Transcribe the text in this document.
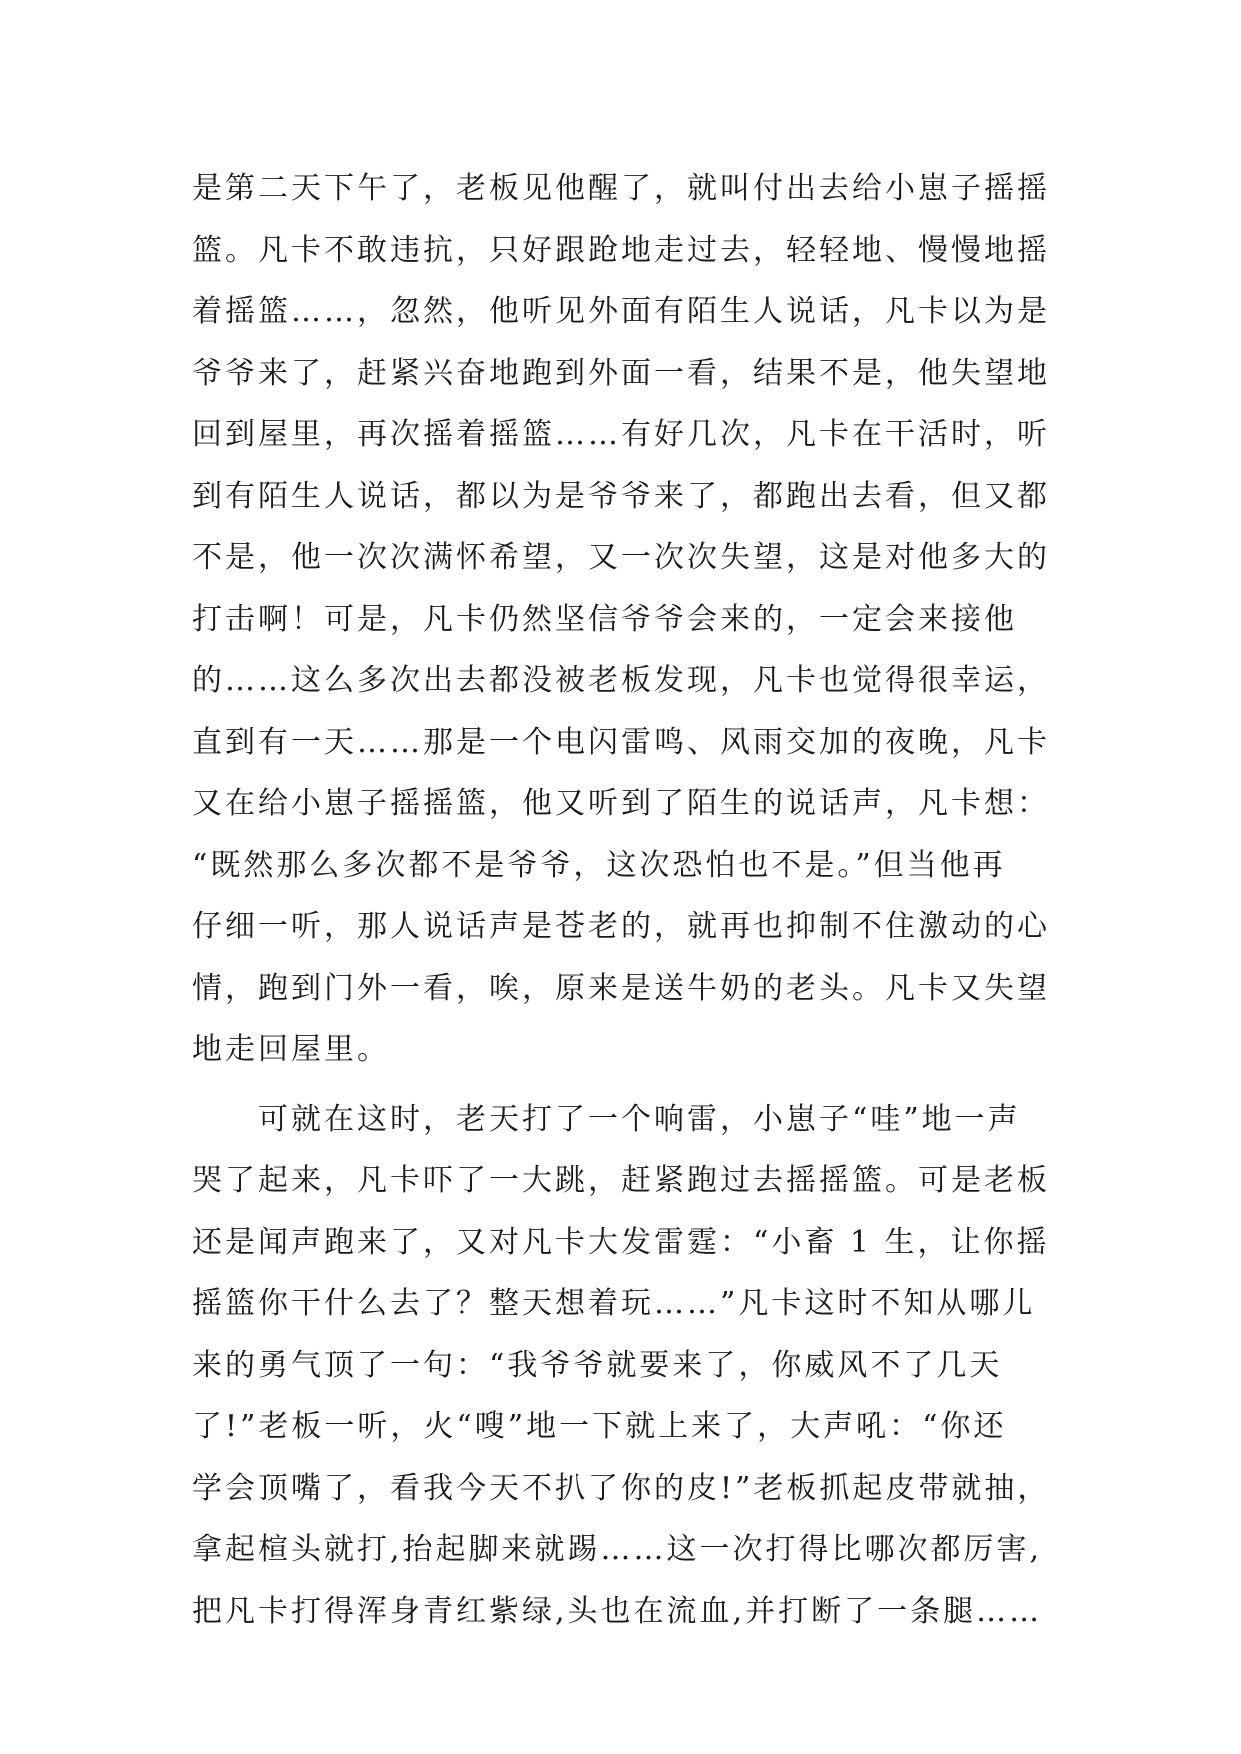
是第二天下午了，老板见他醒了，就叫付出去给小崽子摇摇
篮。凡卡不敢违抗，只好跟跄地走过去，轻轻地、慢慢地摇
着摇篮……，忽然，他听见外面有陌生人说话，凡卡以为是
爷爷来了，赶紧兴奋地跑到外面一看，结果不是，他失望地
回到屋里，再次摇着摇篮……有好几次，凡卡在干活时，听
到有陌生人说话，都以为是爷爷来了，都跑出去看，但又都
不是，他一次次满怀希望，又一次次失望，这是对他多大的
打击啊！可是，凡卡仍然坚信爷爷会来的，一定会来接他
的……这么多次出去都没被老板发现，凡卡也觉得很幸运，
直到有一天……那是一个电闪雷鸣、风雨交加的夜晚，凡卡
又在给小崽子摇摇篮，他又听到了陌生的说话声，凡卡想：
“既然那么多次都不是爷爷，这次恐怕也不是。”但当他再
仔细一听，那人说话声是苍老的，就再也抑制不住激动的心
情，跑到门外一看，唉，原来是送牛奶的老头。凡卡又失望
地走回屋里。
可就在这时，老天打了一个响雷，小崽子“哇”地一声
哭了起来，凡卡吓了一大跳，赶紧跑过去摇摇篮。可是老板
还是闻声跑来了，又对凡卡大发雷霆：“小畜 1 生，让你摇
摇篮你干什么去了？整天想着玩……”凡卡这时不知从哪儿
来的勇气顶了一句：“我爷爷就要来了，你威风不了几天
了!”老板一听，火“嗖”地一下就上来了，大声吼：“你还
学会顶嘴了，看我今天不扒了你的皮!”老板抓起皮带就抽，
拿起楦头就打,抬起脚来就踢……这一次打得比哪次都厉害,
把凡卡打得浑身青红紫绿,头也在流血,并打断了一条腿……
